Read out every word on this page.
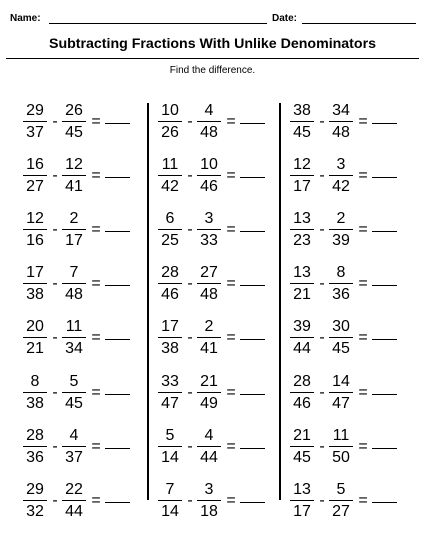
Name:	Date:
Subtracting Fractions With Unlike Denominators
Find the difference.
29
37
-
26
45
=
16
27
-
12
41
=
12
16
-
2
17
=
17
38
-
7
48
=
20
21
-
11
34
=
8
38
-
5
45
=
28
36
-
4
37
=
29
32
-
22
44
=
10
26
-
4
48
=
11
42
-
10
46
=
6
25
-
3
33
=
28
46
-
27
48
=
17
38
-
2
41
=
33
47
-
21
49
=
5
14
-
4
44
=
7
14
-
3
18
=
38
45
-
34
48
=
12
17
-
3
42
=
13
23
-
2
39
=
13
21
-
8
36
=
39
44
-
30
45
=
28
46
-
14
47
=
21
45
-
11
50
=
13
17
-
5
27
=
